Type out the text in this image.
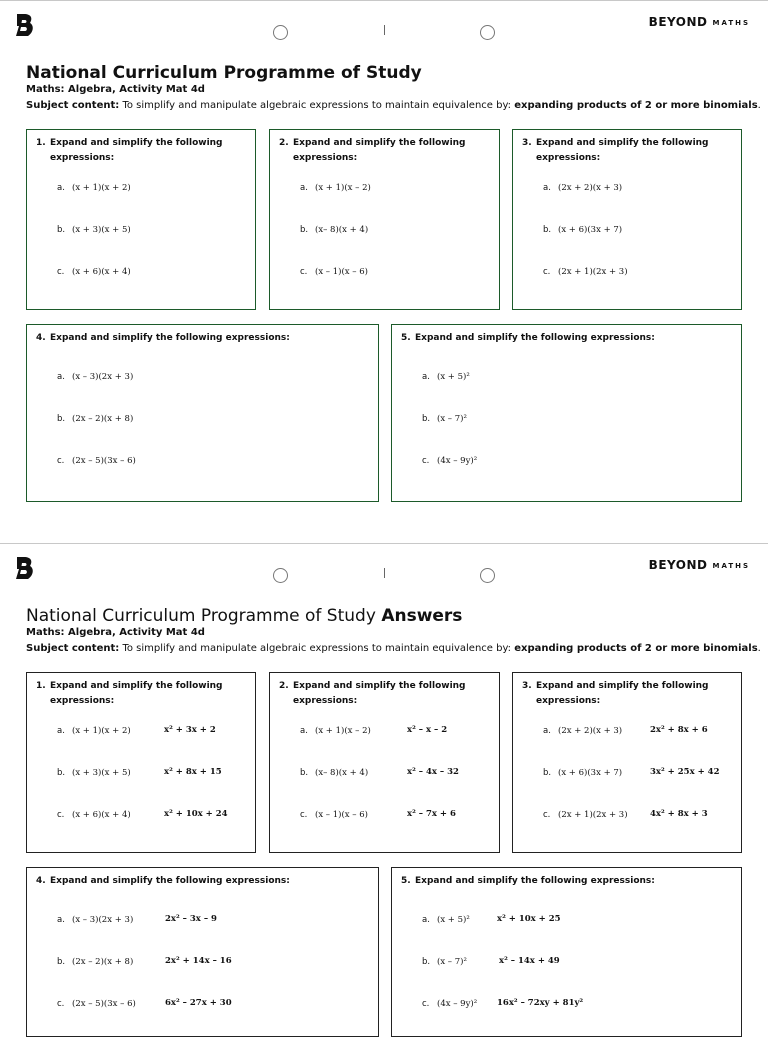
BEYOND MATHS
National Curriculum Programme of Study
Maths: Algebra, Activity Mat 4d
Subject content: To simplify and manipulate algebraic expressions to maintain equivalence by: expanding products of 2 or more binomials.
1. Expand and simplify the following
expressions:
a. (x + 1)(x + 2)
b. (x + 3)(x + 5)
c. (x + 6)(x + 4)
2. Expand and simplify the following
expressions:
a. (x + 1)(x – 2)
b. (x– 8)(x + 4)
c. (x – 1)(x – 6)
3. Expand and simplify the following
expressions:
a. (2x + 2)(x + 3)
b. (x + 6)(3x + 7)
c. (2x + 1)(2x + 3)
4. Expand and simplify the following expressions:
a. (x – 3)(2x + 3)
b. (2x – 2)(x + 8)
c. (2x – 5)(3x – 6)
5. Expand and simplify the following expressions:
a. (x + 5)²
b. (x – 7)²
c. (4x – 9y)²
BEYOND MATHS
National Curriculum Programme of Study Answers
Maths: Algebra, Activity Mat 4d
Subject content: To simplify and manipulate algebraic expressions to maintain equivalence by: expanding products of 2 or more binomials.
1. Expand and simplify the following
expressions:
a. (x + 1)(x + 2)	x² + 3x + 2
b. (x + 3)(x + 5)	x² + 8x + 15
c. (x + 6)(x + 4)	x² + 10x + 24
2. Expand and simplify the following
expressions:
a. (x + 1)(x – 2)	x² – x – 2
b. (x– 8)(x + 4)	x² – 4x – 32
c. (x – 1)(x – 6)	x² – 7x + 6
3. Expand and simplify the following
expressions:
a. (2x + 2)(x + 3)	2x² + 8x + 6
b. (x + 6)(3x + 7)	3x² + 25x + 42
c. (2x + 1)(2x + 3)	4x² + 8x + 3
4. Expand and simplify the following expressions:
a. (x – 3)(2x + 3)	2x² – 3x – 9
b. (2x – 2)(x + 8)	2x² + 14x – 16
c. (2x – 5)(3x – 6)	6x² – 27x + 30
5. Expand and simplify the following expressions:
a. (x + 5)²	x² + 10x + 25
b. (x – 7)²	x² – 14x + 49
c. (4x – 9y)² 16x² – 72xy + 81y²
